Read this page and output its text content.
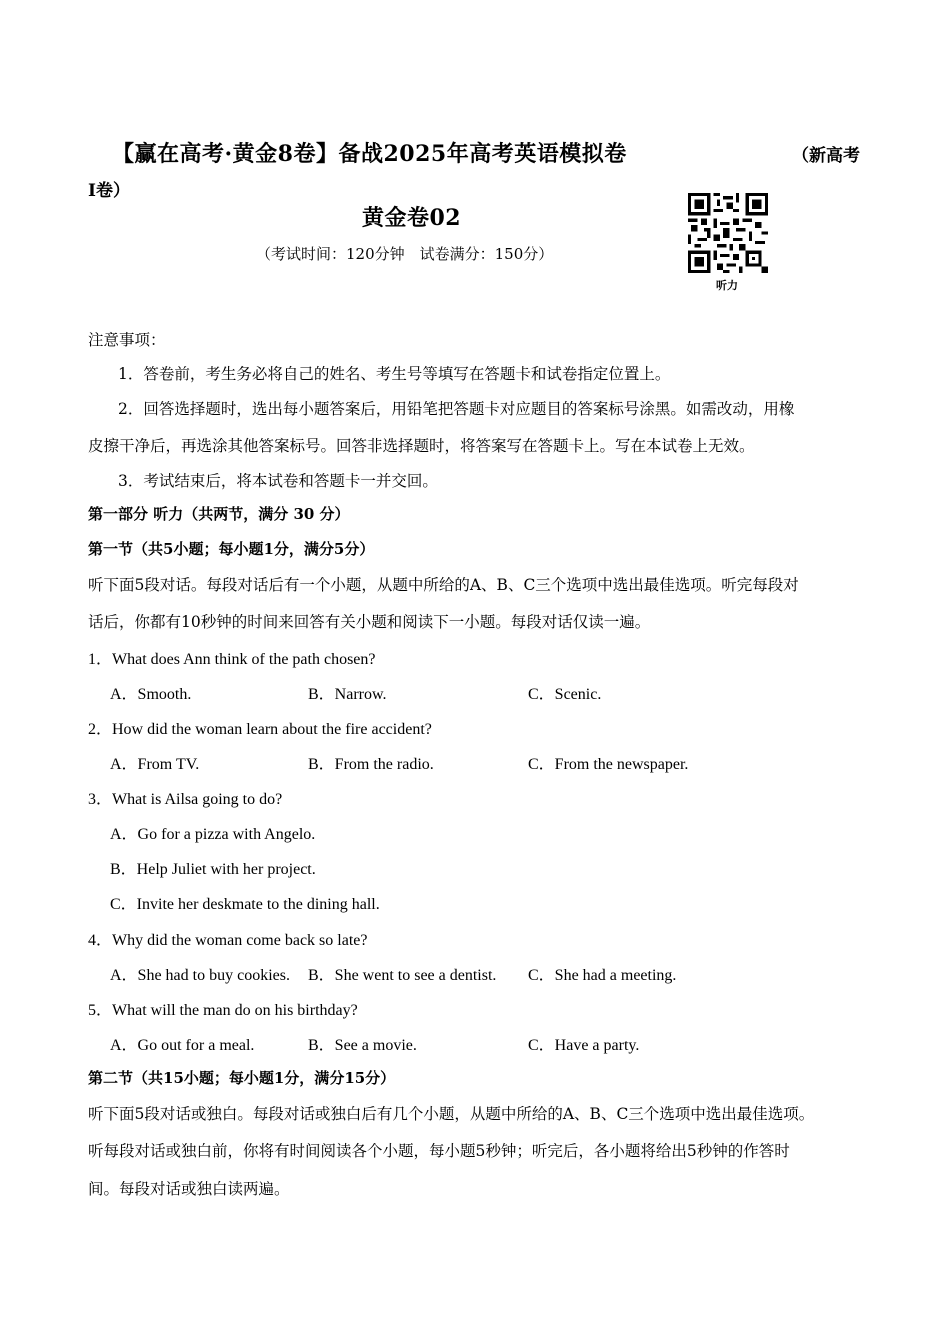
【赢在高考·黄金8卷】备战2025年高考英语模拟卷	（新高考
I卷）
黄金卷02
（考试时间：120分钟　试卷满分：150分）
听力
注意事项：
1．答卷前，考生务必将自己的姓名、考生号等填写在答题卡和试卷指定位置上。
2．回答选择题时，选出每小题答案后，用铅笔把答题卡对应题目的答案标号涂黑。如需改动，用橡
皮擦干净后，再选涂其他答案标号。回答非选择题时，将答案写在答题卡上。写在本试卷上无效。
3．考试结束后，将本试卷和答题卡一并交回。
第一部分 听力（共两节，满分 30 分）
第一节（共5小题；每小题1分，满分5分）
听下面5段对话。每段对话后有一个小题，从题中所给的A、B、C三个选项中选出最佳选项。听完每段对
话后，你都有10秒钟的时间来回答有关小题和阅读下一小题。每段对话仅读一遍。
1．What does Ann think of the path chosen?
A．Smooth.	B．Narrow.	C．Scenic.
2．How did the woman learn about the fire accident?
A．From TV.	B．From the radio.	C．From the newspaper.
3．What is Ailsa going to do?
A．Go for a pizza with Angelo.
B．Help Juliet with her project.
C．Invite her deskmate to the dining hall.
4．Why did the woman come back so late?
A．She had to buy cookies. B．She went to see a dentist. C．She had a meeting.
5．What will the man do on his birthday?
A．Go out for a meal.	B．See a movie.	C．Have a party.
第二节（共15小题；每小题1分，满分15分）
听下面5段对话或独白。每段对话或独白后有几个小题，从题中所给的A、B、C三个选项中选出最佳选项。
听每段对话或独白前，你将有时间阅读各个小题，每小题5秒钟；听完后，各小题将给出5秒钟的作答时
间。每段对话或独白读两遍。
